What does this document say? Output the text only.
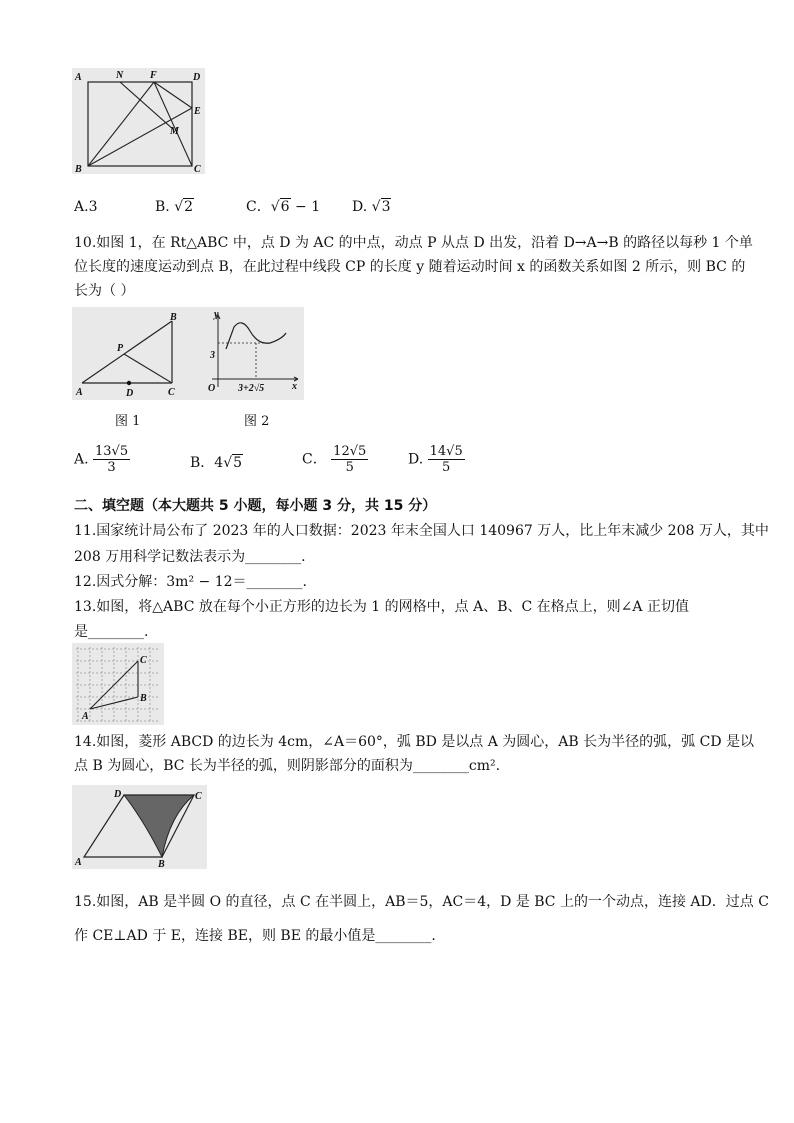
A	N	F	D
E
M
B	C
A.3	B. √2	C．√6 − 1 D. √3
10.如图 1，在 Rt△ABC 中，点 D 为 AC 的中点，动点 P 从点 D 出发，沿着 D→A→B 的路径以每秒 1 个单
位长度的速度运动到点 B，在此过程中线段 CP 的长度 y 随着运动时间 x 的函数关系如图 2 所示，则 BC 的
长为（ ）
A
B
C
D
P
y
x
O
3
3+2√5
图 1	图 2
A. $\frac{13√5}{3}$	B．4√5	C． $\frac{12√5}{5}$	D. $\frac{14√5}{5}$
二、填空题（本大题共 5 小题，每小题 3 分，共 15 分）
11.国家统计局公布了 2023 年的人口数据：2023 年末全国人口 140967 万人，比上年末减少 208 万人，其中
208 万用科学记数法表示为________.
12.因式分解：3m² − 12＝________.
13.如图，将△ABC 放在每个小正方形的边长为 1 的网格中，点 A、B、C 在格点上，则∠A 正切值
是________.
A
B
C
14.如图，菱形 ABCD 的边长为 4cm，∠A＝60°，弧 BD 是以点 A 为圆心，AB 长为半径的弧，弧 CD 是以
点 B 为圆心，BC 长为半径的弧，则阴影部分的面积为________cm².
A	B
C
D
15.如图，AB 是半圆 O 的直径，点 C 在半圆上，AB＝5，AC＝4，D 是 BC 上的一个动点，连接 AD．过点 C
作 CE⊥AD 于 E，连接 BE，则 BE 的最小值是________.
